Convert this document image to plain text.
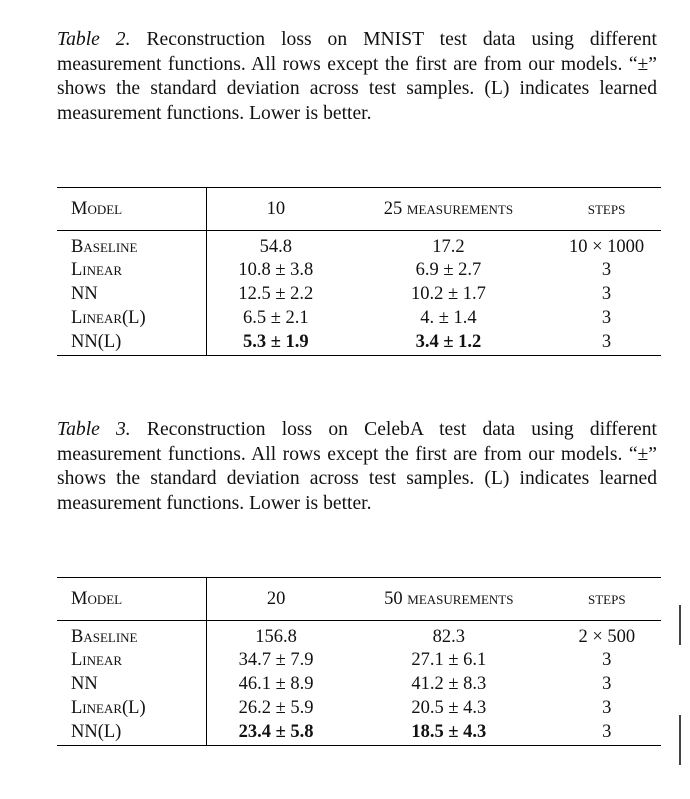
Table 2. Reconstruction loss on MNIST test data using different measurement functions. All rows except the first are from our models. “±” shows the standard deviation across test samples. (L) indicates learned measurement functions. Lower is better.

Model		10	25 measurements	steps
Baseline		54.8	17.2	10 × 1000
Linear		10.8 ± 3.8	6.9 ± 2.7	3
NN		12.5 ± 2.2	10.2 ± 1.7	3
Linear(L)		6.5 ± 2.1	4. ± 1.4	3
NN(L)		5.3 ± 1.9	3.4 ± 1.2	3

Table 3. Reconstruction loss on CelebA test data using different measurement functions. All rows except the first are from our models. “±” shows the standard deviation across test samples. (L) indicates learned measurement functions. Lower is better.

Model		20	50 measurements	steps
Baseline		156.8	82.3	2 × 500
Linear		34.7 ± 7.9	27.1 ± 6.1	3
NN		46.1 ± 8.9	41.2 ± 8.3	3
Linear(L)		26.2 ± 5.9	20.5 ± 4.3	3
NN(L)		23.4 ± 5.8	18.5 ± 4.3	3
